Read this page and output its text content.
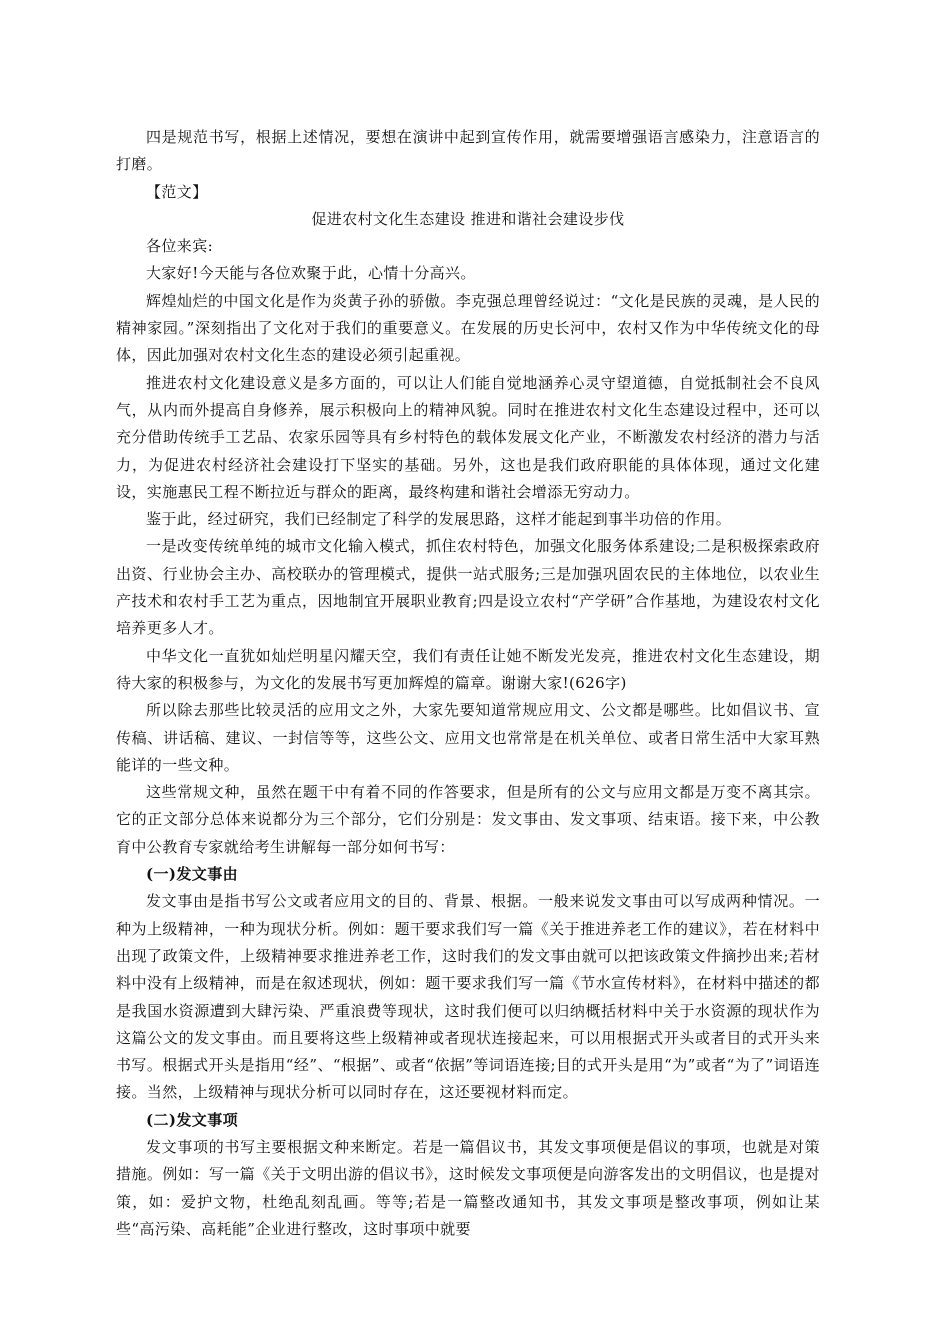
四是规范书写，根据上述情况，要想在演讲中起到宣传作用，就需要增强语言感染力，注意语言的打磨。

【范文】

促进农村文化生态建设 推进和谐社会建设步伐

各位来宾:

大家好!今天能与各位欢聚于此，心情十分高兴。

辉煌灿烂的中国文化是作为炎黄子孙的骄傲。李克强总理曾经说过：“文化是民族的灵魂，是人民的精神家园。”深刻指出了文化对于我们的重要意义。在发展的历史长河中，农村又作为中华传统文化的母体，因此加强对农村文化生态的建设必须引起重视。

推进农村文化建设意义是多方面的，可以让人们能自觉地涵养心灵守望道德，自觉抵制社会不良风气，从内而外提高自身修养，展示积极向上的精神风貌。同时在推进农村文化生态建设过程中，还可以充分借助传统手工艺品、农家乐园等具有乡村特色的载体发展文化产业，不断激发农村经济的潜力与活力，为促进农村经济社会建设打下坚实的基础。另外，这也是我们政府职能的具体体现，通过文化建设，实施惠民工程不断拉近与群众的距离，最终构建和谐社会增添无穷动力。

鉴于此，经过研究，我们已经制定了科学的发展思路，这样才能起到事半功倍的作用。

一是改变传统单纯的城市文化输入模式，抓住农村特色，加强文化服务体系建设;二是积极探索政府出资、行业协会主办、高校联办的管理模式，提供一站式服务;三是加强巩固农民的主体地位，以农业生产技术和农村手工艺为重点，因地制宜开展职业教育;四是设立农村“产学研”合作基地，为建设农村文化培养更多人才。

中华文化一直犹如灿烂明星闪耀天空，我们有责任让她不断发光发亮，推进农村文化生态建设，期待大家的积极参与，为文化的发展书写更加辉煌的篇章。谢谢大家!(626字)

所以除去那些比较灵活的应用文之外，大家先要知道常规应用文、公文都是哪些。比如倡议书、宣传稿、讲话稿、建议、一封信等等，这些公文、应用文也常常是在机关单位、或者日常生活中大家耳熟能详的一些文种。

这些常规文种，虽然在题干中有着不同的作答要求，但是所有的公文与应用文都是万变不离其宗。它的正文部分总体来说都分为三个部分，它们分别是：发文事由、发文事项、结束语。接下来，中公教育中公教育专家就给考生讲解每一部分如何书写：

(一)发文事由

发文事由是指书写公文或者应用文的目的、背景、根据。一般来说发文事由可以写成两种情况。一种为上级精神，一种为现状分析。例如：题干要求我们写一篇《关于推进养老工作的建议》，若在材料中出现了政策文件，上级精神要求推进养老工作，这时我们的发文事由就可以把该政策文件摘抄出来;若材料中没有上级精神，而是在叙述现状，例如：题干要求我们写一篇《节水宣传材料》，在材料中描述的都是我国水资源遭到大肆污染、严重浪费等现状，这时我们便可以归纳概括材料中关于水资源的现状作为这篇公文的发文事由。而且要将这些上级精神或者现状连接起来，可以用根据式开头或者目的式开头来书写。根据式开头是指用“经”、“根据”、或者“依据”等词语连接;目的式开头是用“为”或者“为了”词语连接。当然，上级精神与现状分析可以同时存在，这还要视材料而定。

(二)发文事项

发文事项的书写主要根据文种来断定。若是一篇倡议书，其发文事项便是倡议的事项，也就是对策措施。例如：写一篇《关于文明出游的倡议书》，这时候发文事项便是向游客发出的文明倡议，也是提对策，如：爱护文物，杜绝乱刻乱画。等等;若是一篇整改通知书，其发文事项是整改事项，例如让某些“高污染、高耗能”企业进行整改，这时事项中就要
